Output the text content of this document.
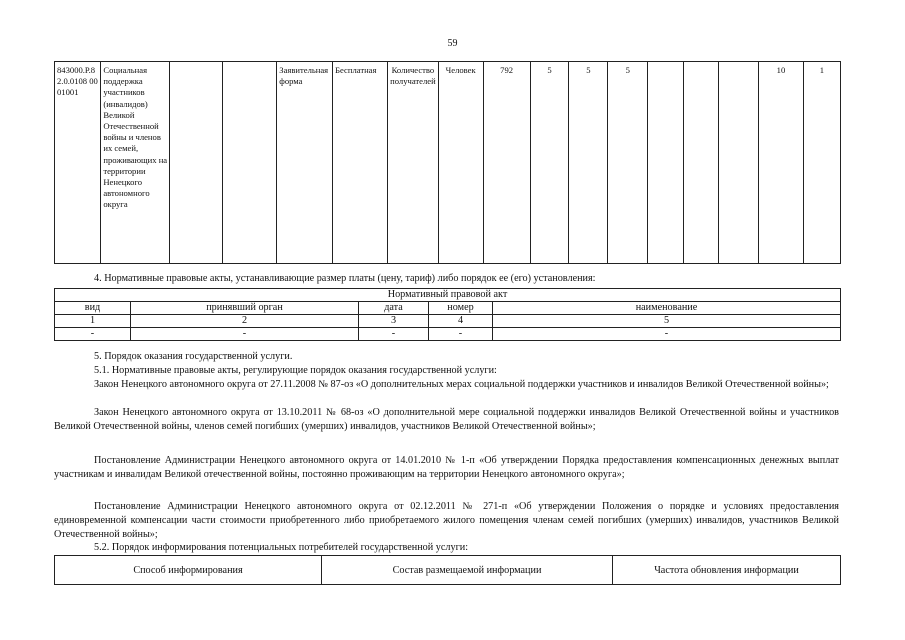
59
843000.Р.82.0.0108 0001001	Социальная поддержка участников (инвалидов) Великой Отечественной войны и членов их семей, проживающих на территории Ненецкого автономного округа			Заявительная форма	Бесплатная	Количество получателей	Человек	792	5	5	5				10	1
4. Нормативные правовые акты, устанавливающие размер платы (цену, тариф) либо порядок ее (его) установления:
Нормативный правовой акт				
вид	принявший орган	дата	номер	наименование
1	2	3	4	5
-	-	-	-	-
5. Порядок оказания государственной услуги.
5.1. Нормативные правовые акты, регулирующие порядок оказания государственной услуги:
Закон Ненецкого автономного округа от 27.11.2008 № 87-оз «О дополнительных мерах социальной поддержки участников и инвалидов Великой Отечественной войны»;
Закон Ненецкого автономного округа от 13.10.2011 № 68-оз «О дополнительной мере социальной поддержки инвалидов Великой Отечественной войны и участников Великой Отечественной войны, членов семей погибших (умерших) инвалидов, участников Великой Отечественной войны»;
Постановление Администрации Ненецкого автономного округа от 14.01.2010 № 1-п «Об утверждении Порядка предоставления компенсационных денежных выплат участникам и инвалидам Великой отечественной войны, постоянно проживающим на территории Ненецкого автономного округа»;
Постановление Администрации Ненецкого автономного округа от 02.12.2011 № 271-п «Об утверждении Положения о порядке и условиях предоставления единовременной компенсации части стоимости приобретенного либо приобретаемого жилого помещения членам семей погибших (умерших) инвалидов, участников Великой Отечественной войны»;
5.2. Порядок информирования потенциальных потребителей государственной услуги:
Способ информирования	Состав размещаемой информации	Частота обновления информации
